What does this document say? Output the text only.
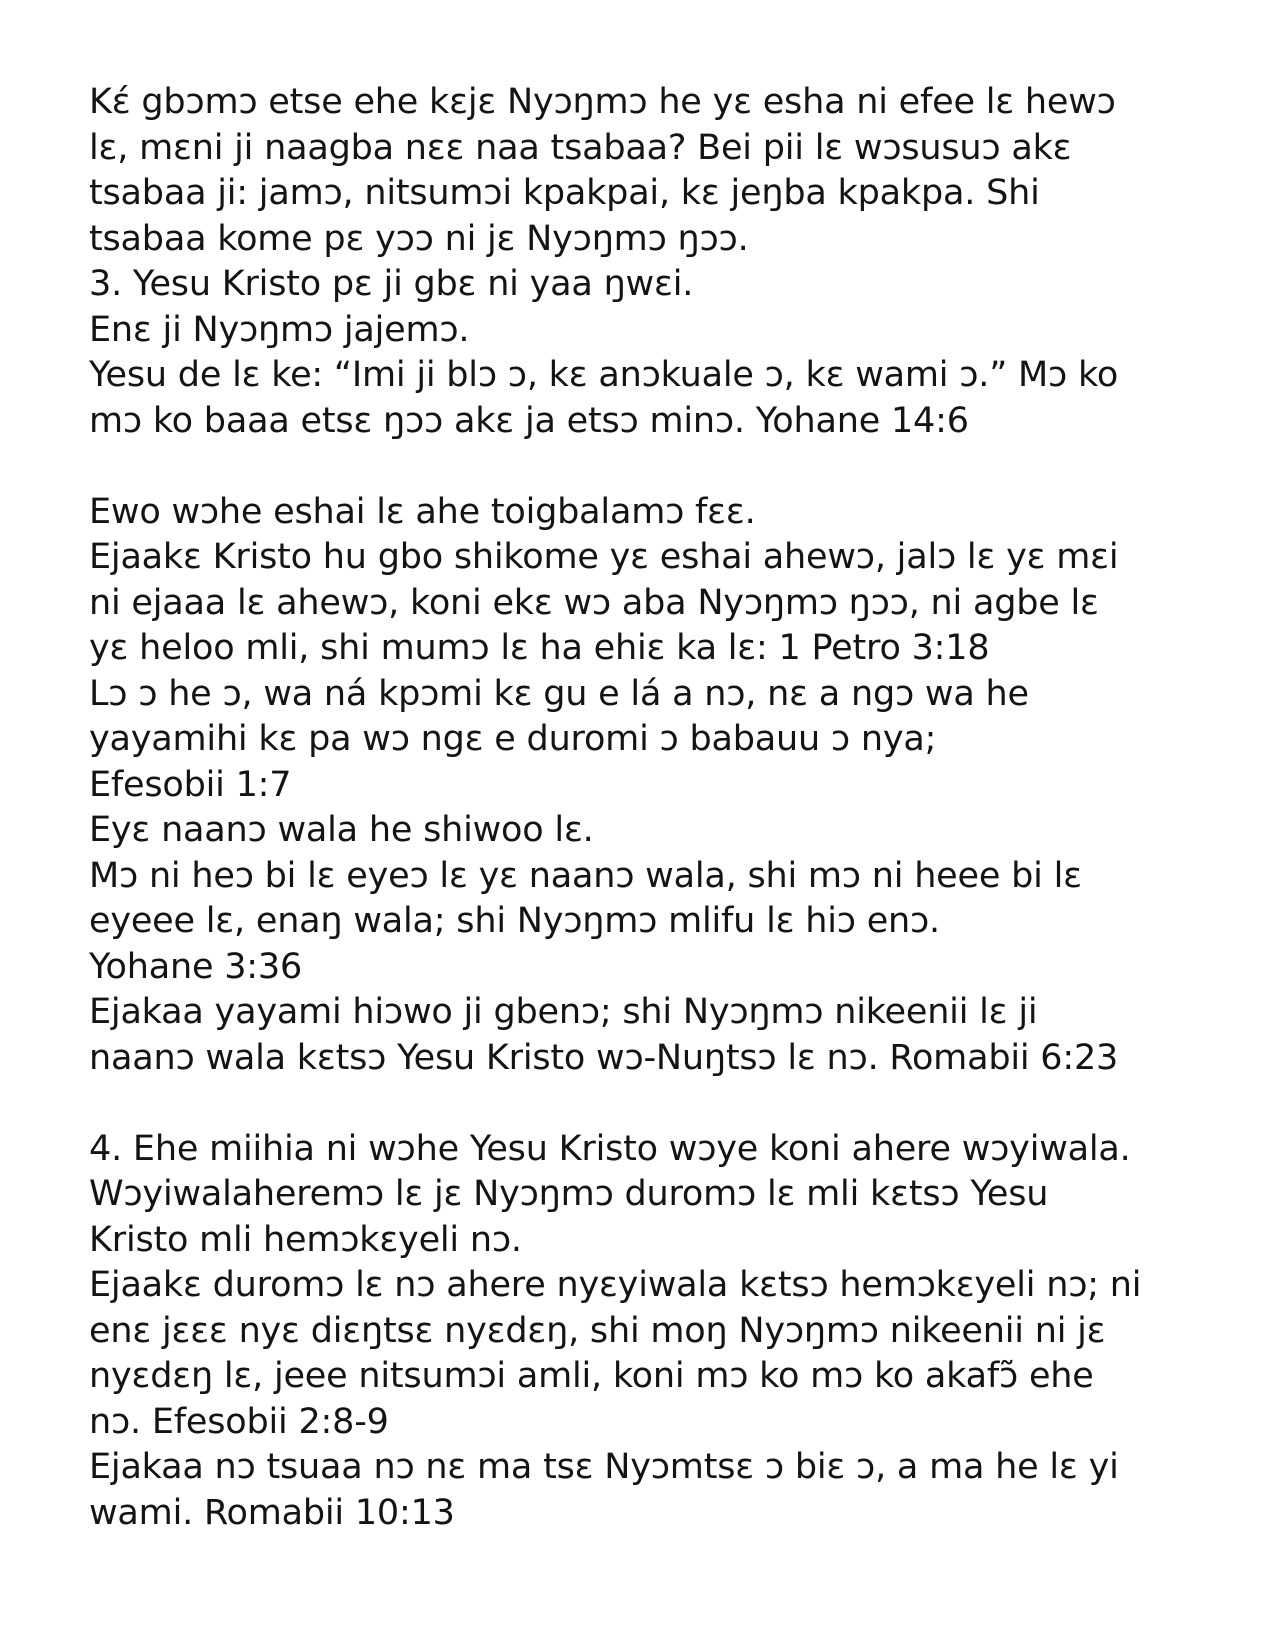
Kɛ́ gbɔmɔ etse ehe kɛjɛ Nyɔŋmɔ he yɛ esha ni efee lɛ hewɔ
lɛ, mɛni ji naagba nɛɛ naa tsabaa? Bei pii lɛ wɔsusuɔ akɛ
tsabaa ji: jamɔ, nitsumɔi kpakpai, kɛ jeŋba kpakpa. Shi
tsabaa kome pɛ yɔɔ ni jɛ Nyɔŋmɔ ŋɔɔ.
3. Yesu Kristo pɛ ji gbɛ ni yaa ŋwɛi.
Enɛ ji Nyɔŋmɔ jajemɔ.
Yesu de lɛ ke: “Imi ji blɔ ɔ, kɛ anɔkuale ɔ, kɛ wami ɔ.” Mɔ ko
mɔ ko baaa etsɛ ŋɔɔ akɛ ja etsɔ minɔ. Yohane 14:6
Ewo wɔhe eshai lɛ ahe toigbalamɔ fɛɛ.
Ejaakɛ Kristo hu gbo shikome yɛ eshai ahewɔ, jalɔ lɛ yɛ mɛi
ni ejaaa lɛ ahewɔ, koni ekɛ wɔ aba Nyɔŋmɔ ŋɔɔ, ni agbe lɛ
yɛ heloo mli, shi mumɔ lɛ ha ehiɛ ka lɛ: 1 Petro 3:18
Lɔ ɔ he ɔ, wa ná kpɔmi kɛ gu e lá a nɔ, nɛ a ngɔ wa he
yayamihi kɛ pa wɔ ngɛ e duromi ɔ babauu ɔ nya;
Efesobii 1:7
Eyɛ naanɔ wala he shiwoo lɛ.
Mɔ ni heɔ bi lɛ eyeɔ lɛ yɛ naanɔ wala, shi mɔ ni heee bi lɛ
eyeee lɛ, enaŋ wala; shi Nyɔŋmɔ mlifu lɛ hiɔ enɔ.
Yohane 3:36
Ejakaa yayami hiɔwo ji gbenɔ; shi Nyɔŋmɔ nikeenii lɛ ji
naanɔ wala kɛtsɔ Yesu Kristo wɔ-Nuŋtsɔ lɛ nɔ. Romabii 6:23
4. Ehe miihia ni wɔhe Yesu Kristo wɔye koni ahere wɔyiwala.
Wɔyiwalaheremɔ lɛ jɛ Nyɔŋmɔ duromɔ lɛ mli kɛtsɔ Yesu
Kristo mli hemɔkɛyeli nɔ.
Ejaakɛ duromɔ lɛ nɔ ahere nyɛyiwala kɛtsɔ hemɔkɛyeli nɔ; ni
enɛ jɛɛɛ nyɛ diɛŋtsɛ nyɛdɛŋ, shi moŋ Nyɔŋmɔ nikeenii ni jɛ
nyɛdɛŋ lɛ, jeee nitsumɔi amli, koni mɔ ko mɔ ko akafɔ̃ ehe
nɔ. Efesobii 2:8-9
Ejakaa nɔ tsuaa nɔ nɛ ma tsɛ Nyɔmtsɛ ɔ biɛ ɔ, a ma he lɛ yi
wami. Romabii 10:13
